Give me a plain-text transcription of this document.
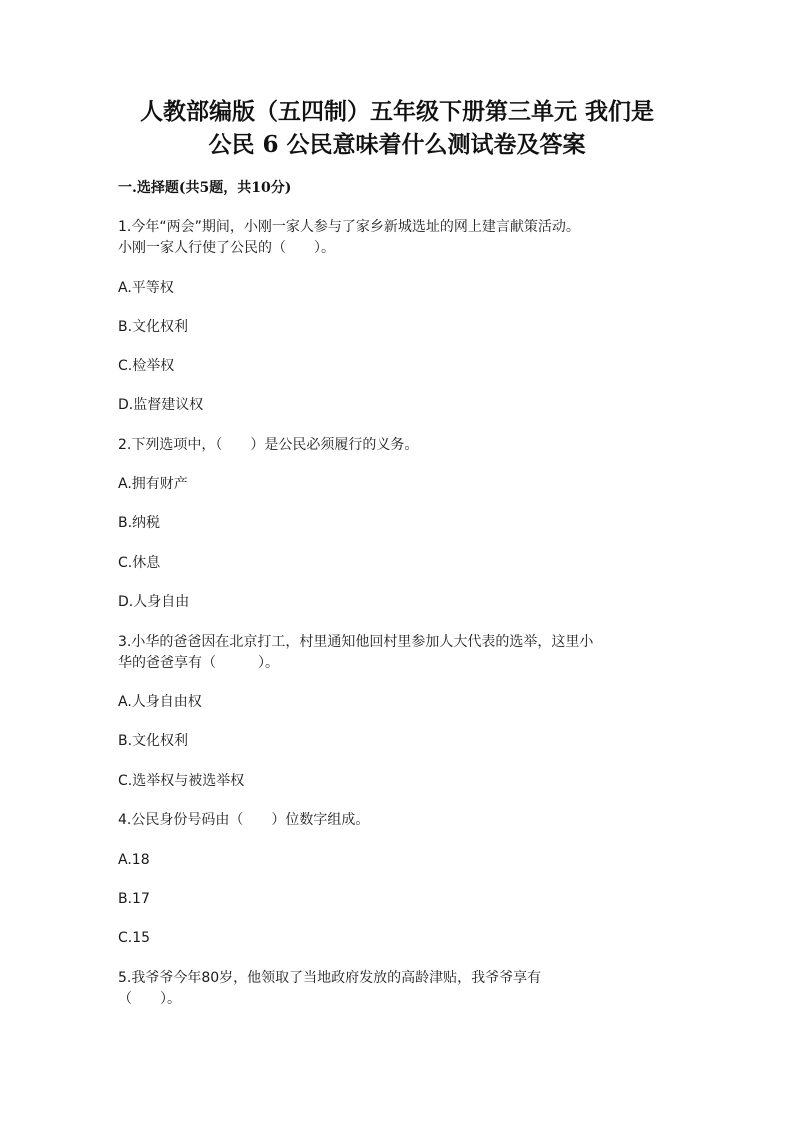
人教部编版（五四制）五年级下册第三单元 我们是
公民 6 公民意味着什么测试卷及答案
一.选择题(共5题，共10分)
1.今年“两会”期间，小刚一家人参与了家乡新城选址的网上建言献策活动。
小刚一家人行使了公民的（　　）。
A.平等权
B.文化权利
C.检举权
D.监督建议权
2.下列选项中，（　　）是公民必须履行的义务。
A.拥有财产
B.纳税
C.休息
D.人身自由
3.小华的爸爸因在北京打工，村里通知他回村里参加人大代表的选举，这里小
华的爸爸享有（　　　）。
A.人身自由权
B.文化权利
C.选举权与被选举权
4.公民身份号码由（　　）位数字组成。
A.18
B.17
C.15
5.我爷爷今年80岁，他领取了当地政府发放的高龄津贴，我爷爷享有
（　　）。
